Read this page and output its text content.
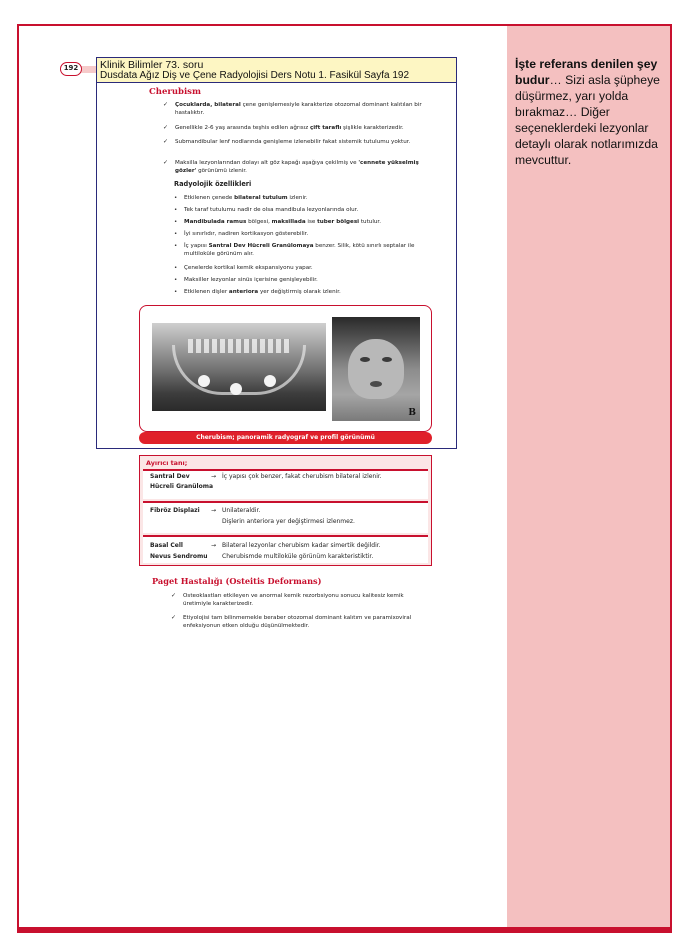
İşte referans denilen şey budur… Sizi asla şüpheye düşürmez, yarı yolda bırakmaz… Diğer seçeneklerdeki lezyonlar detaylı olarak notlarımızda mevcuttur.
192	Klinik Bilimler 73. soru
Dusdata Ağız Diş ve Çene Radyolojisi Ders Notu 1. Fasikül Sayfa 192
Cherubism
✓ Çocuklarda, bilateral çene genişlemesiyle karakterize otozomal dominant kalıtılan bir hastalıktır.
✓ Genellikle 2-6 yaş arasında teşhis edilen ağrısız çift taraflı şişlikle karakterizedir.
✓ Submandibular lenf nodlarında genişleme izlenebilir fakat sistemik tutulumu yoktur.
✓ Maksilla lezyonlarından dolayı alt göz kapağı aşağıya çekilmiş ve 'cennete yükselmiş gözler' görünümü izlenir.
Radyolojik özellikleri
• Etkilenen çenede bilateral tutulum izlenir.
• Tek taraf tutulumu nadir de olsa mandibula lezyonlarında olur.
• Mandibulada ramus bölgesi, maksillada ise tuber bölgesi tutulur.
• İyi sınırlıdır, nadiren kortikasyon gösterebilir.
• İç yapısı Santral Dev Hücreli Granülomaya benzer. Silik, kötü sınırlı septalar ile multiloküle görünüm alır.
• Çenelerde kortikal kemik ekspansiyonu yapar.
• Maksiller lezyonlar sinüs içerisine genişleyebilir.
• Etkilenen dişler anteriora yer değiştirmiş olarak izlenir.
B
Cherubism; panoramik radyograf ve profil görünümü
Ayırıcı tanı;
Santral Dev
Hücreli Granüloma
→ İç yapısı çok benzer, fakat cherubism bilateral izlenir.
Fibröz Displazi → Unilateraldir.
Dişlerin anteriora yer değiştirmesi izlenmez.
Basal Cell
Nevus Sendromu
→ Bilateral lezyonlar cherubism kadar simertik değildir.
Cherubismde multiloküle görünüm karakteristiktir.
Paget Hastalığı (Osteitis Deformans)
✓ Osteoklastları etkileyen ve anormal kemik rezorbsiyonu sonucu kalitesiz kemik üretimiyle karakterizedir.
✓ Etiyolojisi tam bilinmemekle beraber otozomal dominant kalıtım ve paramixoviral enfeksiyonun etken olduğu düşünülmektedir.
